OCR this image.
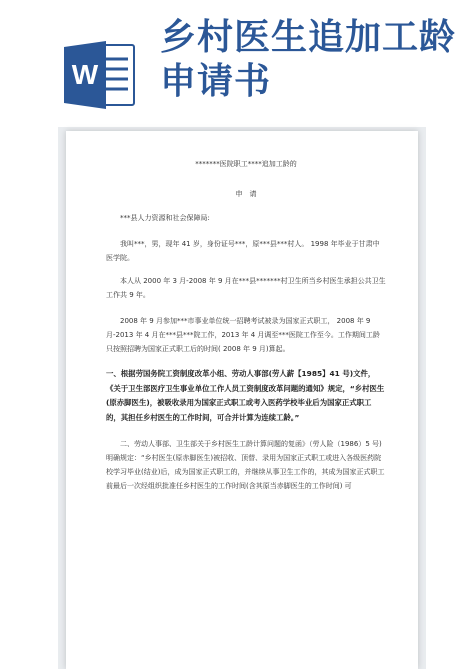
W
乡村医生追加工龄
申请书
*******医院职工****追加工龄的
申　请
***县人力资源和社会保障局:
我叫***，男，现年 41 岁，身份证号***，原***县***村人。 1998 年毕业于甘肃中医学院。
本人从 2000 年 3 月-2008 年 9 月在***县*******村卫生所当乡村医生承担公共卫生工作共 9 年。
2008 年 9 月参加***市事业单位统一招聘考试被录为国家正式职工， 2008 年 9 月-2013 年 4 月在***县***院工作，2013 年 4 月调至***医院工作至今。工作期间工龄只按照招聘为国家正式职工后的时间( 2008 年 9 月)算起。
一、根据劳国务院工资制度改革小组、劳动人事部(劳人薪【1985】41 号)文件，《关于卫生部医疗卫生事业单位工作人员工资制度改革问题的通知》规定，“乡村医生(原赤脚医生)，被吸收录用为国家正式职工或考入医药学校毕业后为国家正式职工的，其担任乡村医生的工作时间，可合并计算为连续工龄。”
二、劳动人事部、卫生部关于乡村医生工龄计算问题的复函》（劳人险（1986）5 号)明确规定：“乡村医生(原赤脚医生)被招收、顶替、录用为国家正式职工或进入各级医药院校学习毕业(结业)后，成为国家正式职工的，并继续从事卫生工作的，其成为国家正式职工前最后一次经组织批准任乡村医生的工作时间(含其原当赤脚医生的工作时间) 可
